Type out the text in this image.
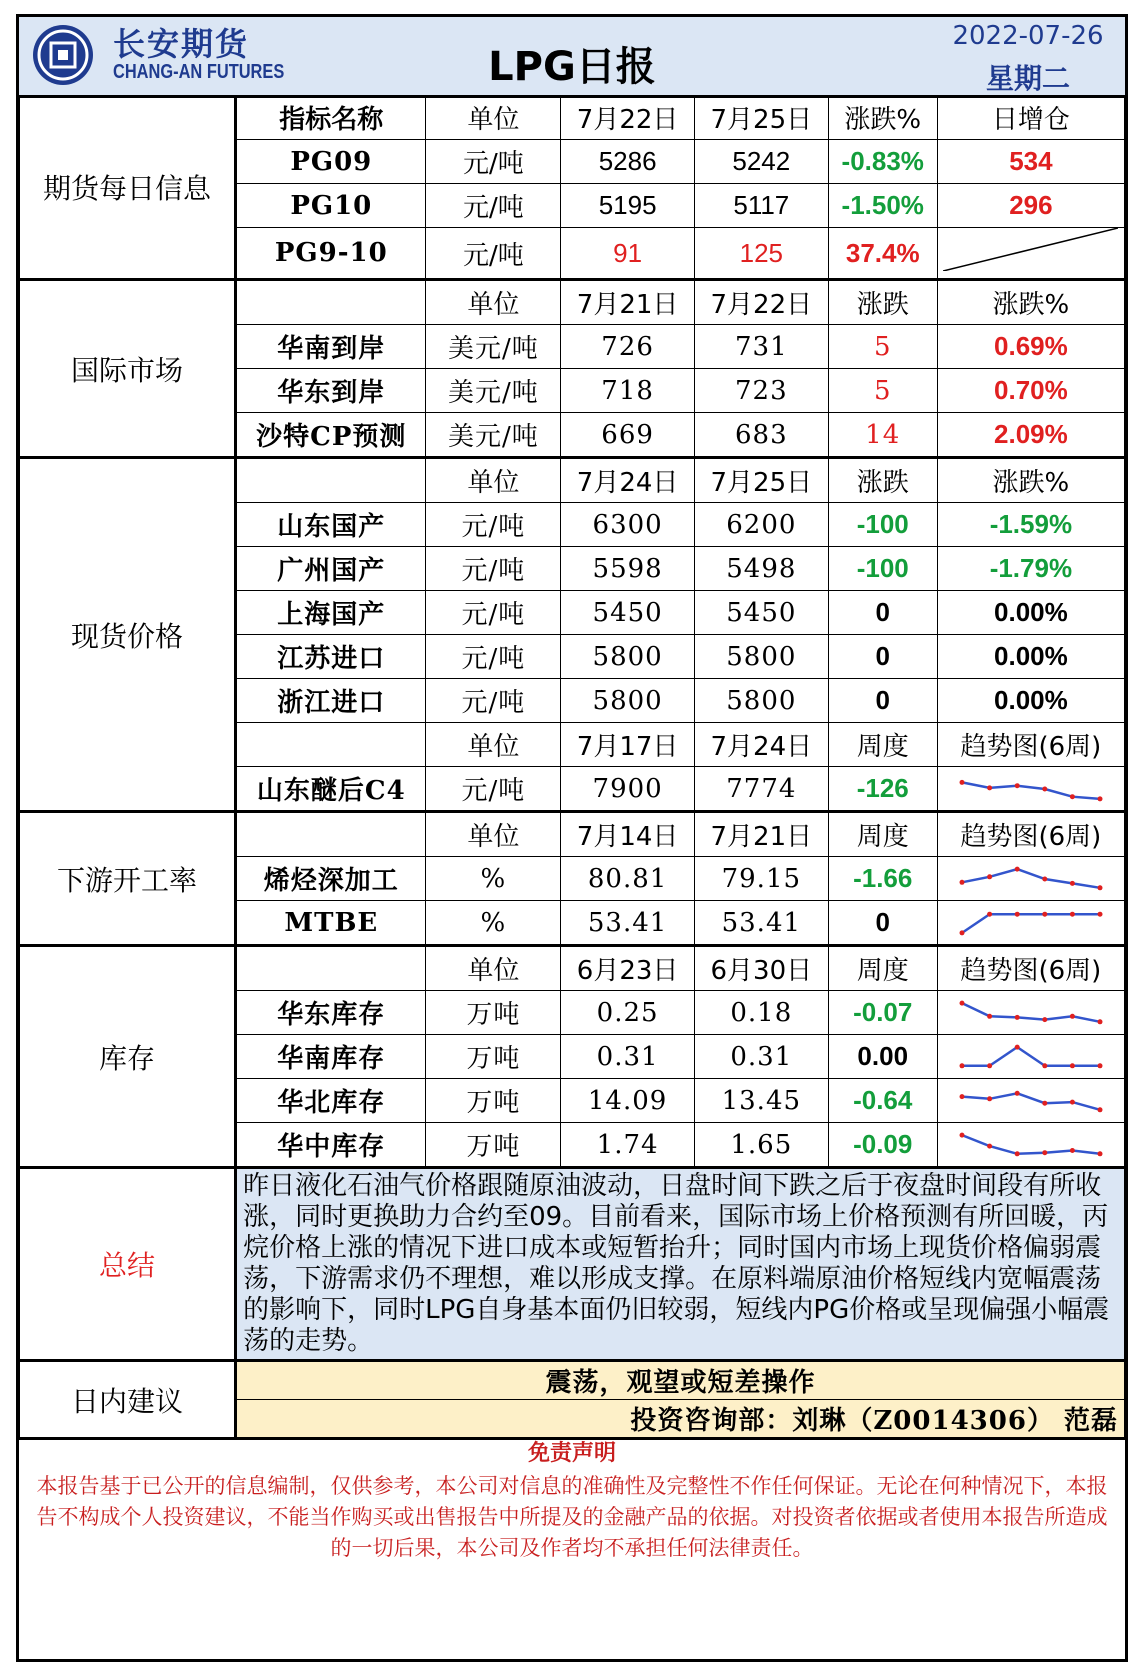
长安期货
CHANG-AN FUTURES	LPG日报
2022-07-26
星期二
期货每日信息	指标名称	单位	7月22日	7月25日	涨跌%	日增仓
	PG09	元/吨	5286	5242	-0.83%	534
	PG10	元/吨	5195	5117	-1.50%	296
	PG9-10	元/吨	91	125	37.4%	
国际市场		单位	7月21日	7月22日	涨跌	涨跌%
	华南到岸	美元/吨	726	731	5	0.69%
	华东到岸	美元/吨	718	723	5	0.70%
	沙特CP预测	美元/吨	669	683	14	2.09%
现货价格		单位	7月24日	7月25日	涨跌	涨跌%
	山东国产	元/吨	6300	6200	-100	-1.59%
	广州国产	元/吨	5598	5498	-100	-1.79%
	上海国产	元/吨	5450	5450	0	0.00%
	江苏进口	元/吨	5800	5800	0	0.00%
	浙江进口	元/吨	5800	5800	0	0.00%
		单位	7月17日	7月24日	周度	趋势图(6周)
	山东醚后C4	元/吨	7900	7774	-126	

下游开工率		单位	7月14日	7月21日	周度	趋势图(6周)
	烯烃深加工	%	80.81	79.15	-1.66	

	MTBE	%	53.41	53.41	0	

库存		单位	6月23日	6月30日	周度	趋势图(6周)
	华东库存	万吨	0.25	0.18	-0.07	

	华南库存	万吨	0.31	0.31	0.00	

	华北库存	万吨	14.09	13.45	-0.64	

	华中库存	万吨	1.74	1.65	-0.09	

总结	昨日液化石油气价格跟随原油波动，日盘时间下跌之后于夜盘时间段有所收涨，同时更换助力合约至09。目前看来，国际市场上价格预测有所回暖，丙烷价格上涨的情况下进口成本或短暂抬升；同时国内市场上现货价格偏弱震荡，下游需求仍不理想，难以形成支撑。在原料端原油价格短线内宽幅震荡的影响下，同时LPG自身基本面仍旧较弱，短线内PG价格或呈现偏强小幅震荡的走势。					
日内建议	震荡，观望或短差操作					
	投资咨询部：刘琳（Z0014306） 范磊					
免责声明
本报告基于已公开的信息编制，仅供参考，本公司对信息的准确性及完整性不作任何保证。无论在何种情况下，本报告不构成个人投资建议，不能当作购买或出售报告中所提及的金融产品的依据。对投资者依据或者使用本报告所造成的一切后果，本公司及作者均不承担任何法律责任。
